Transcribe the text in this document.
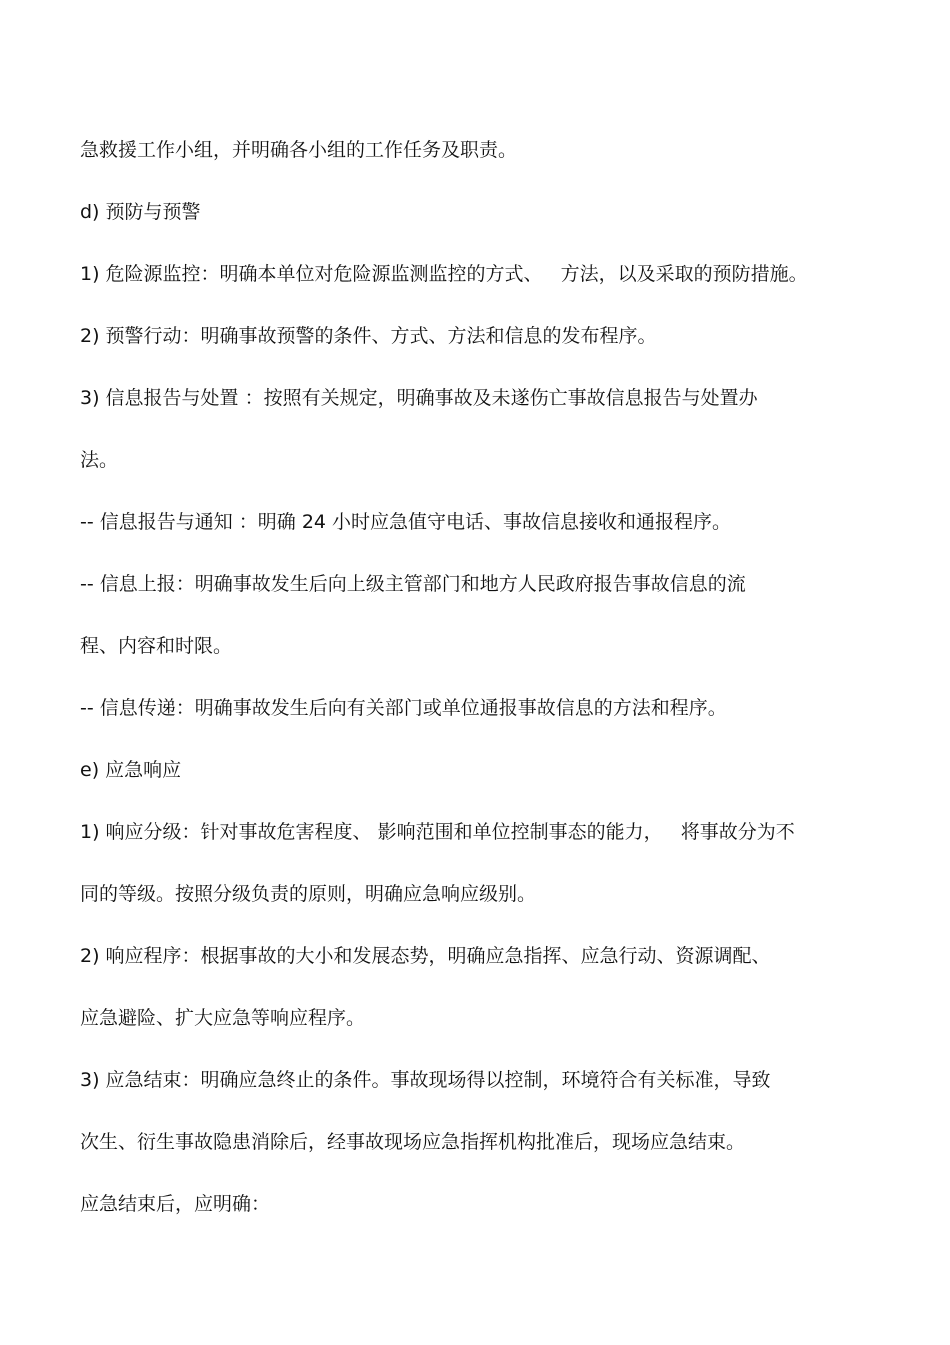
急救援工作小组，并明确各小组的工作任务及职责。
d) 预防与预警
1) 危险源监控：明确本单位对危险源监测监控的方式、   方法，以及采取的预防措施。
2) 预警行动：明确事故预警的条件、方式、方法和信息的发布程序。
3) 信息报告与处置 ：按照有关规定，明确事故及未遂伤亡事故信息报告与处置办
法。
-- 信息报告与通知 ：明确 24 小时应急值守电话、事故信息接收和通报程序。
-- 信息上报：明确事故发生后向上级主管部门和地方人民政府报告事故信息的流
程、内容和时限。
-- 信息传递：明确事故发生后向有关部门或单位通报事故信息的方法和程序。
e) 应急响应
1) 响应分级：针对事故危害程度、 影响范围和单位控制事态的能力，   将事故分为不
同的等级。按照分级负责的原则，明确应急响应级别。
2) 响应程序：根据事故的大小和发展态势，明确应急指挥、应急行动、资源调配、
应急避险、扩大应急等响应程序。
3) 应急结束：明确应急终止的条件。事故现场得以控制，环境符合有关标准，导致
次生、衍生事故隐患消除后，经事故现场应急指挥机构批准后，现场应急结束。
应急结束后，应明确：
